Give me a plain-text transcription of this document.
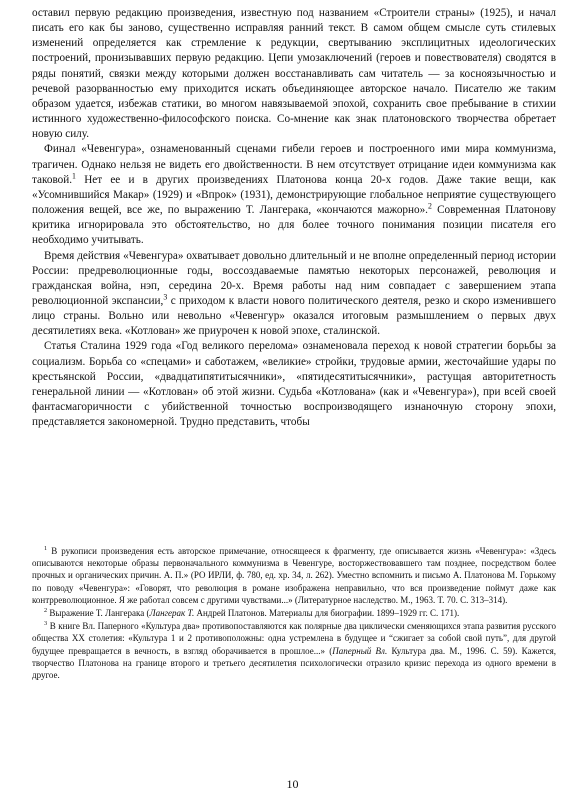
оставил первую редакцию произведения, известную под названием «Строители страны» (1925), и начал писать его как бы заново, существенно исправляя ранний текст. В самом общем смысле суть стилевых изменений определяется как стремление к редукции, свертыванию эксплицитных идеологических построений, пронизывавших первую редакцию. Цепи умозаключений (героев и повествователя) сводятся в ряды понятий, связки между которыми должен восстанавливать сам читатель — за косноязычностью и речевой разорванностью ему приходится искать объединяющее авторское начало. Писателю же таким образом удается, избежав статики, во многом навязываемой эпохой, сохранить свое пребывание в стихии истинного художественно-философского поиска. Со-мнение как знак платоновского творчества обретает новую силу.

Финал «Чевенгура», ознаменованный сценами гибели героев и построенного ими мира коммунизма, трагичен. Однако нельзя не видеть его двойственности. В нем отсутствует отрицание идеи коммунизма как таковой.$^1$ Нет ее и в других произведениях Платонова конца 20-х годов. Даже такие вещи, как «Усомнившийся Макар» (1929) и «Впрок» (1931), демонстрирующие глобальное неприятие существующего положения вещей, все же, по выражению Т. Лангерака, «кончаются мажорно».$^2$ Современная Платонову критика игнорировала это обстоятельство, но для более точного понимания позиции писателя его необходимо учитывать.

Время действия «Чевенгура» охватывает довольно длительный и не вполне определенный период истории России: предреволюционные годы, воссоздаваемые памятью некоторых персонажей, революция и гражданская война, нэп, середина 20-х. Время работы над ним совпадает с завершением этапа революционной экспансии,$^3$ с приходом к власти нового политического деятеля, резко и скоро изменившего лицо страны. Вольно или невольно «Чевенгур» оказался итоговым размышлением о первых двух десятилетиях века. «Котлован» же приурочен к новой эпохе, сталинской.

Статья Сталина 1929 года «Год великого перелома» ознаменовала переход к новой стратегии борьбы за социализм. Борьба со «спецами» и саботажем, «великие» стройки, трудовые армии, жесточайшие удары по крестьянской России, «двадцатипятитысячники», «пятидесятитысячники», растущая авторитетность генеральной линии — «Котлован» об этой жизни. Судьба «Котлована» (как и «Чевенгура»), при всей своей фантасмагоричности с убийственной точностью воспроизводящего изнаночную сторону эпохи, представляется закономерной. Трудно представить, чтобы

$^1$ В рукописи произведения есть авторское примечание, относящееся к фрагменту, где описывается жизнь «Чевенгура»: «Здесь описываются некоторые образы первоначального коммунизма в Чевенгуре, восторжествовавшего там позднее, посредством более прочных и органических причин. А. П.» (РО ИРЛИ, ф. 780, ед. хр. 34, л. 262). Уместно вспомнить и письмо А. Платонова М. Горькому по поводу «Чевенгура»: «Говорят, что революция в романе изображена неправильно, что вся произведение поймут даже как контрреволюционное. Я же работал совсем с другими чувствами...» (Литературное наследство. М., 1963. Т. 70. С. 313–314).

$^2$ Выражение Т. Лангерака (Лангерак Т. Андрей Платонов. Материалы для биографии. 1899–1929 гг. С. 171).

$^3$ В книге Вл. Паперного «Культура два» противопоставляются как полярные два циклически сменяющихся этапа развития русского общества XX столетия: «Культура 1 и 2 противоположны: одна устремлена в будущее и “сжигает за собой свой путь”, для другой будущее превращается в вечность, в взгляд оборачивается в прошлое...» (Паперный Вл. Культура два. М., 1996. С. 59). Кажется, творчество Платонова на границе второго и третьего десятилетия психологически отразило кризис перехода из одного времени в другое.

10
